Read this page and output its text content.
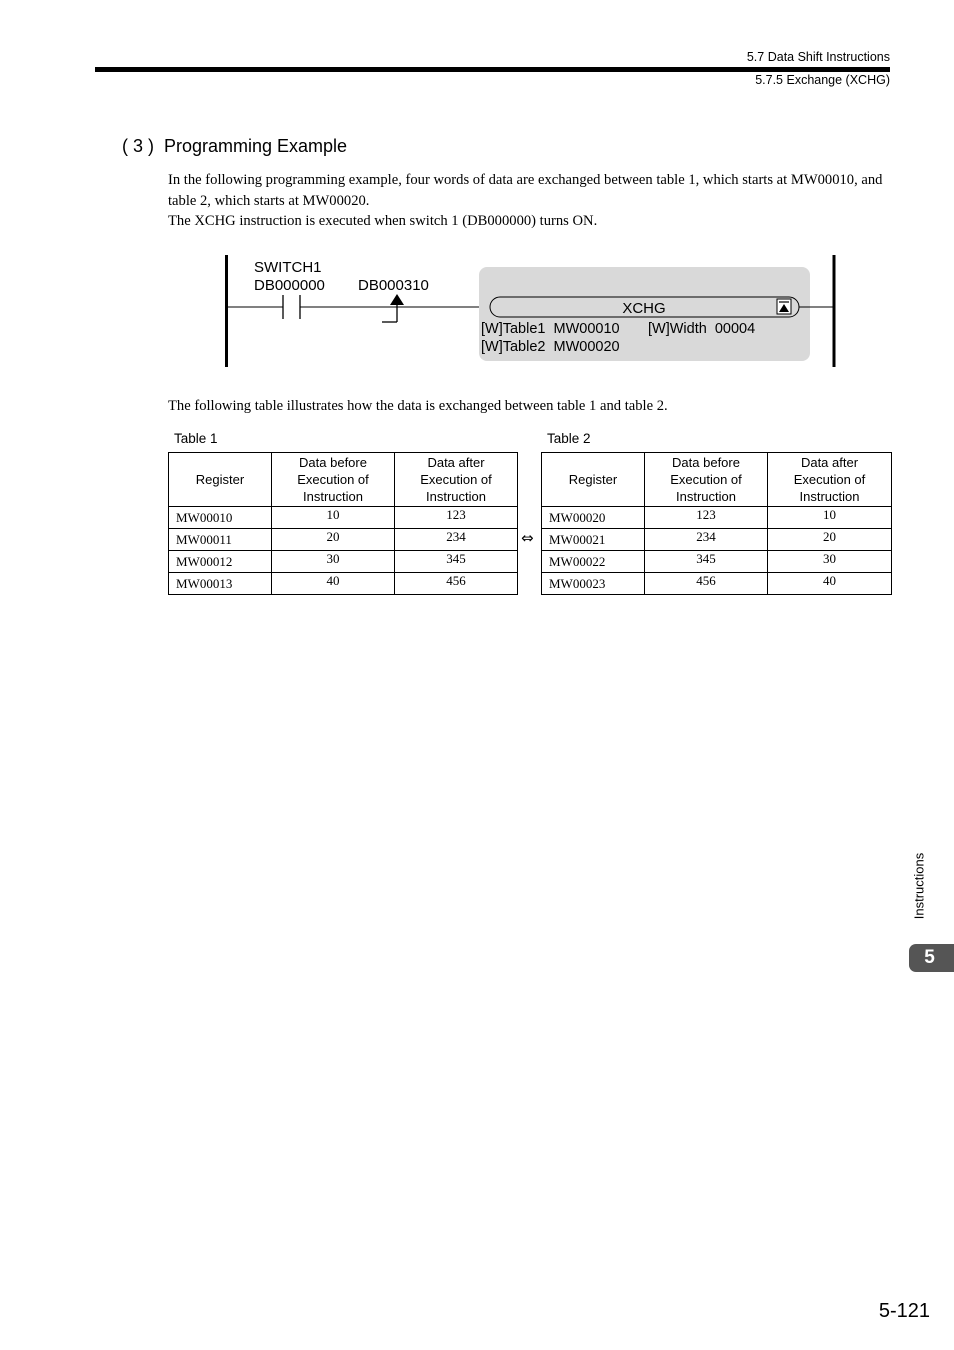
5.7 Data Shift Instructions
5.7.5 Exchange (XCHG)
( 3 )  Programming Example
In the following programming example, four words of data are exchanged between table 1, which starts at MW00010, and table 2, which starts at MW00020.
The XCHG instruction is executed when switch 1 (DB000000) turns ON.
SWITCH1
DB000000 DB000310
XCHG
[W]Table1  MW00010 [W]Width  00004
[W]Table2  MW00020
The following table illustrates how the data is exchanged between table 1 and table 2.
Table 1	Table 2
Register	Data before
Execution of
Instruction	Data after
Execution of
Instruction
MW00010	10	123
MW00011	20	234
MW00012	30	345
MW00013	40	456
⇔
Register	Data before
Execution of
Instruction	Data after
Execution of
Instruction
MW00020	123	10
MW00021	234	20
MW00022	345	30
MW00023	456	40
Instructions
5
5-121
